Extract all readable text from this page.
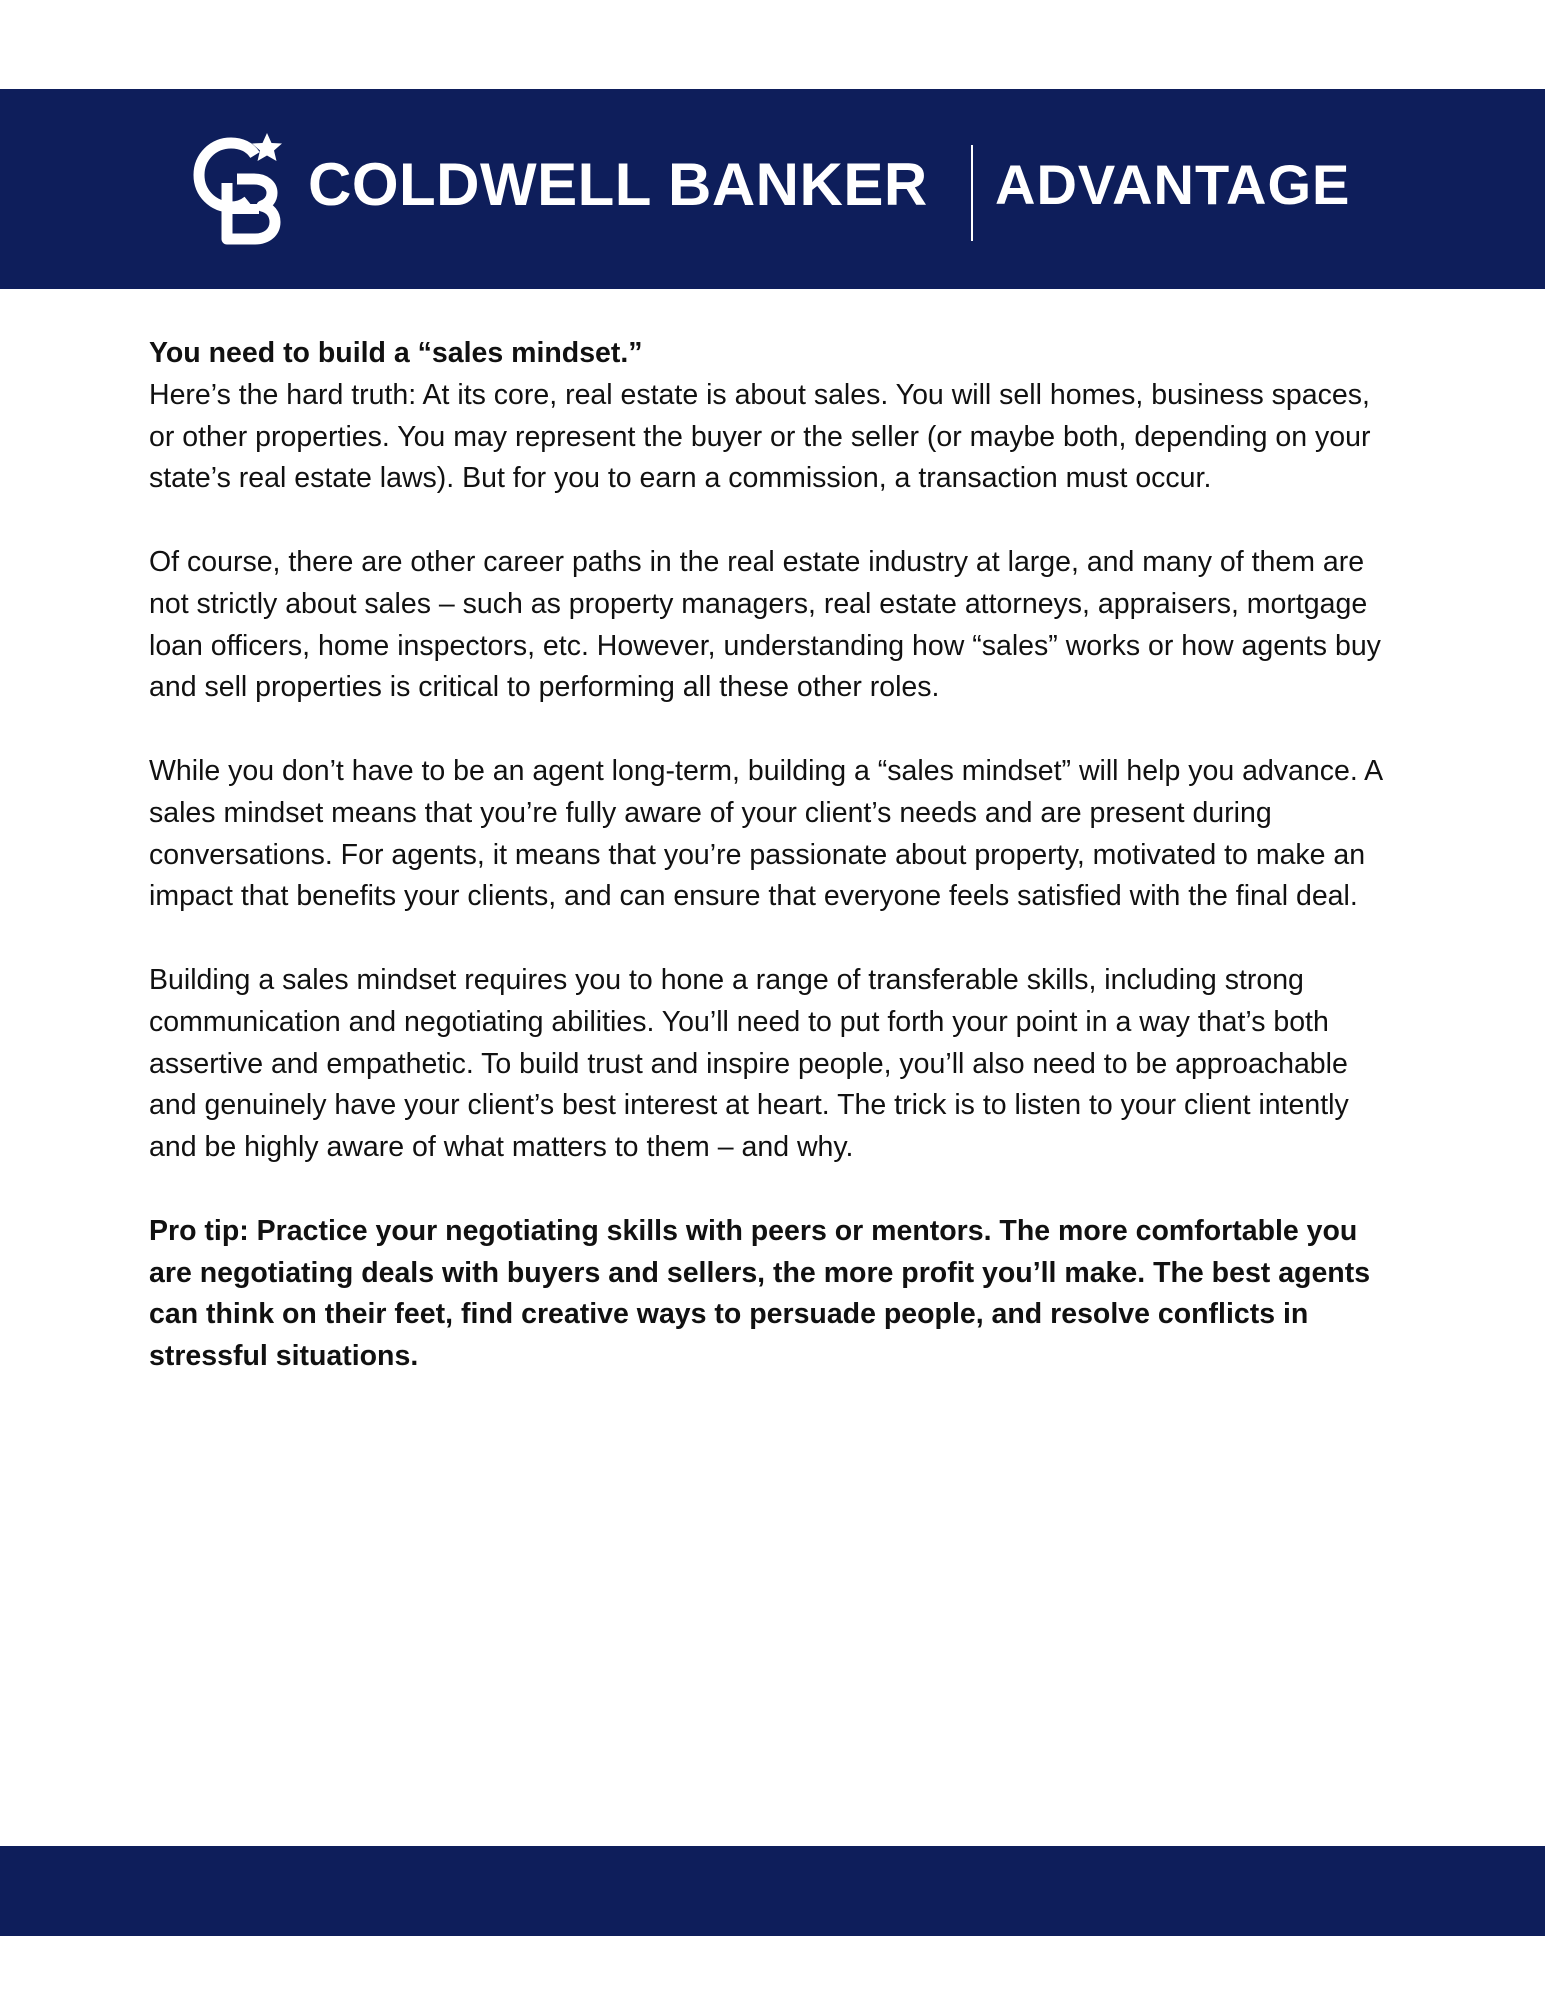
COLDWELL BANKER ADVANTAGE

You need to build a “sales mindset.”

Here’s the hard truth: At its core, real estate is about sales. You will sell homes, business spaces, or other properties. You may represent the buyer or the seller (or maybe both, depending on your state’s real estate laws). But for you to earn a commission, a transaction must occur.

Of course, there are other career paths in the real estate industry at large, and many of them are not strictly about sales – such as property managers, real estate attorneys, appraisers, mortgage loan officers, home inspectors, etc. However, understanding how “sales” works or how agents buy and sell properties is critical to performing all these other roles.

While you don’t have to be an agent long-term, building a “sales mindset” will help you advance. A sales mindset means that you’re fully aware of your client’s needs and are present during conversations. For agents, it means that you’re passionate about property, motivated to make an impact that benefits your clients, and can ensure that everyone feels satisfied with the final deal.

Building a sales mindset requires you to hone a range of transferable skills, including strong communication and negotiating abilities. You’ll need to put forth your point in a way that’s both assertive and empathetic. To build trust and inspire people, you’ll also need to be approachable and genuinely have your client’s best interest at heart. The trick is to listen to your client intently and be highly aware of what matters to them – and why.

Pro tip: Practice your negotiating skills with peers or mentors. The more comfortable you are negotiating deals with buyers and sellers, the more profit you’ll make. The best agents can think on their feet, find creative ways to persuade people, and resolve conflicts in stressful situations.
